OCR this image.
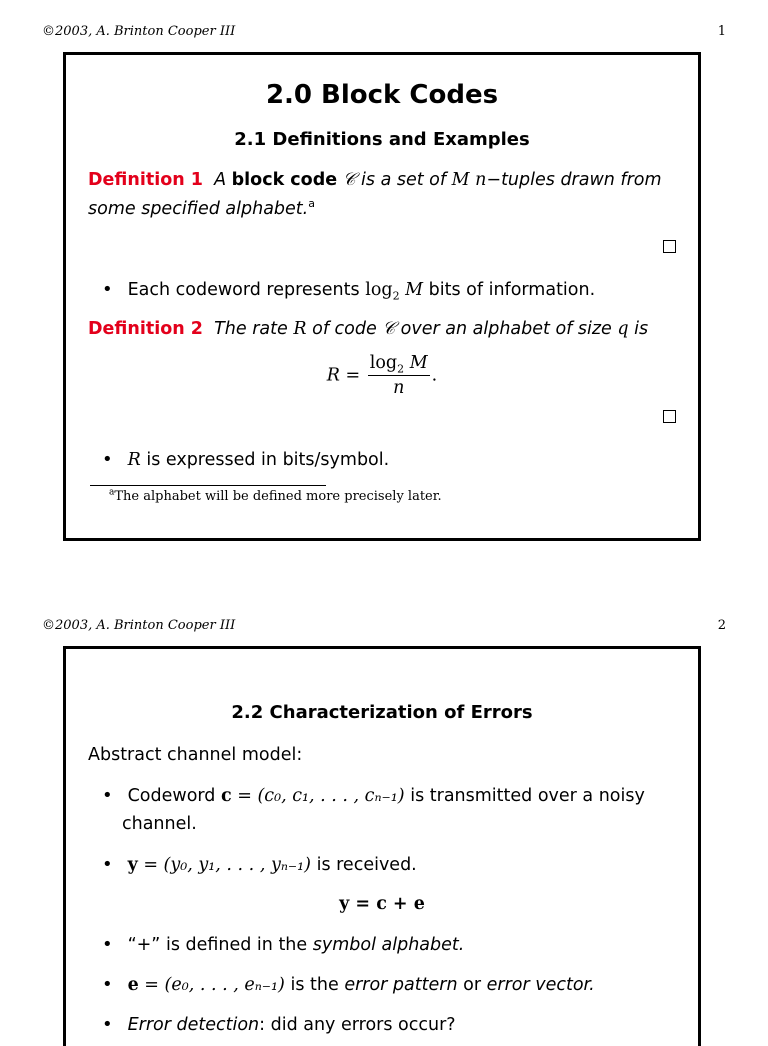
©2003, A. Brinton Cooper III	1
2.0 Block Codes
2.1 Definitions and Examples
Definition 1 A block code 𝒞 is a set of M n−tuples drawn from
some specified alphabet.$^a$
• Each codeword represents $\log_2 M$ bits of information.
Definition 2 The rate R of code 𝒞 over an alphabet of size q is
$R = \frac{\log_2 M}{n}$ .
• R is expressed in bits/symbol.
$^a$The alphabet will be defined more precisely later.
©2003, A. Brinton Cooper III	2
2.2 Characterization of Errors
Abstract channel model:
• Codeword c = (c₀, c₁, . . . , cₙ₋₁) is transmitted over a noisy
channel.
• y = (y₀, y₁, . . . , yₙ₋₁) is received.
y = c + e
• “+” is defined in the symbol alphabet.
• e = (e₀, . . . , eₙ₋₁) is the error pattern or error vector.
• Error detection: did any errors occur?
